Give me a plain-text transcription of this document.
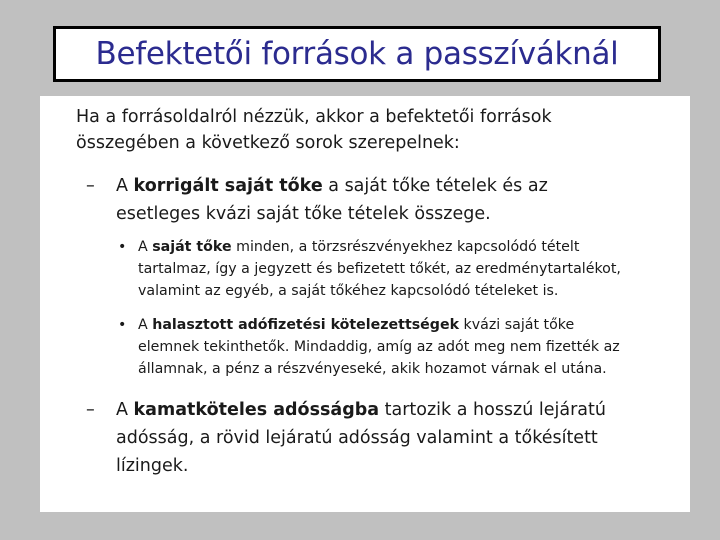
Befektetői források a passzíváknál
Ha a forrásoldalról nézzük, akkor a befektetői források
összegében a következő sorok szerepelnek:
– A korrigált saját tőke a saját tőke tételek és az
esetleges kvázi saját tőke tételek összege.
• A saját tőke minden, a törzsrészvényekhez kapcsolódó tételt
tartalmaz, így a jegyzett és befizetett tőkét, az eredménytartalékot,
valamint az egyéb, a saját tőkéhez kapcsolódó tételeket is.
• A halasztott adófizetési kötelezettségek kvázi saját tőke
elemnek tekinthetők. Mindaddig, amíg az adót meg nem fizették az
államnak, a pénz a részvényeseké, akik hozamot várnak el utána.
– A kamatköteles adósságba tartozik a hosszú lejáratú
adósság, a rövid lejáratú adósság valamint a tőkésített
lízingek.
